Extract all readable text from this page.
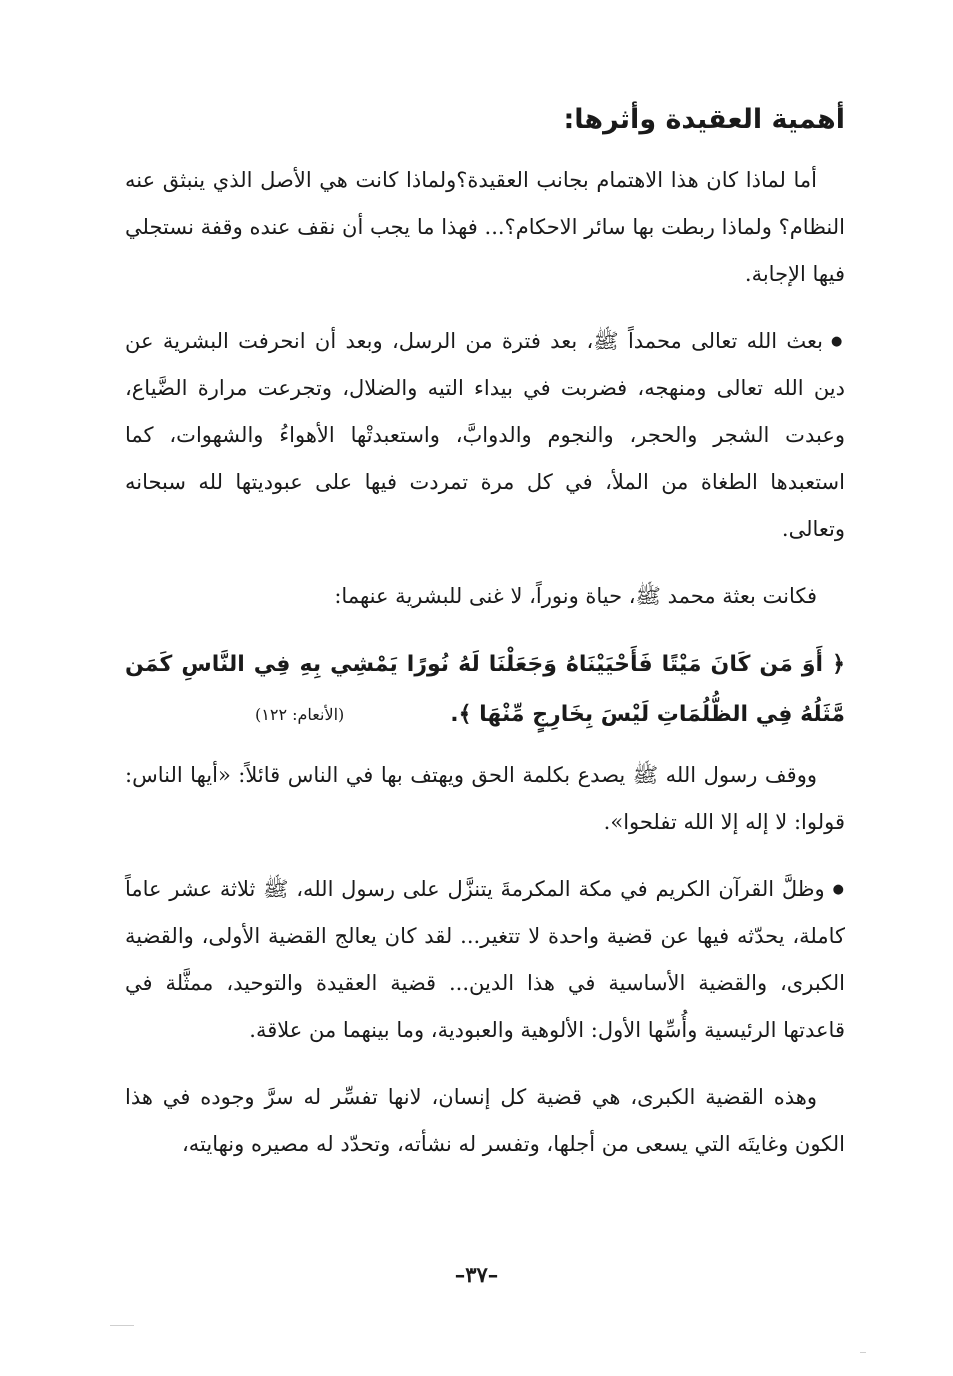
أهمية العقيدة وأثرها:

أما لماذا كان هذا الاهتمام بجانب العقيدة؟ولماذا كانت هي الأصل الذي ينبثق عنه النظام؟ ولماذا ربطت بها سائر الاحكام؟... فهذا ما يجب أن نقف عنده وقفة نستجلي فيها الإجابة.

● بعث الله تعالى محمداً ﷺ، بعد فترة من الرسل، وبعد أن انحرفت البشرية عن دين الله تعالى ومنهجه، فضربت في بيداء التيه والضلال، وتجرعت مرارة الضَّياع، وعبدت الشجر والحجر، والنجوم والدوابَّ، واستعبدتْها الأهواءُ والشهوات، كما استعبدها الطغاة من الملأ، في كل مرة تمردت فيها على عبوديتها لله سبحانه وتعالى.

فكانت بعثة محمد ﷺ، حياة ونوراً، لا غنى للبشرية عنهما:

﴿ أَوَ مَن كَانَ مَيْتًا فَأَحْيَيْنَاهُ وَجَعَلْنَا لَهُ نُورًا يَمْشِي بِهِ فِي النَّاسِ كَمَن مَّثَلُهُ فِي الظُّلُمَاتِ لَيْسَ بِخَارِجٍ مِّنْهَا ﴾.
(الأنعام: ١٢٢)

ووقف رسول الله ﷺ يصدع بكلمة الحق ويهتف بها في الناس قائلاً: «أيها الناس: قولوا: لا إله إلا الله تفلحوا».

● وظلَّ القرآن الكريم في مكة المكرمةَ يتنزَّل على رسول الله، ﷺ ثلاثة عشر عاماً كاملة، يحدّثه فيها عن قضية واحدة لا تتغير... لقد كان يعالج القضية الأولى، والقضية الكبرى، والقضية الأساسية في هذا الدين... قضية العقيدة والتوحيد، ممثَّلة في قاعدتها الرئيسية وأُسِّها الأول: الألوهية والعبودية، وما بينهما من علاقة.

وهذه القضية الكبرى، هي قضية كل إنسان، لانها تفسِّر له سرَّ وجوده في هذا الكون وغايتَه التي يسعى من أجلها، وتفسر له نشأته، وتحدّد له مصيره ونهايته،

–٣٧–
